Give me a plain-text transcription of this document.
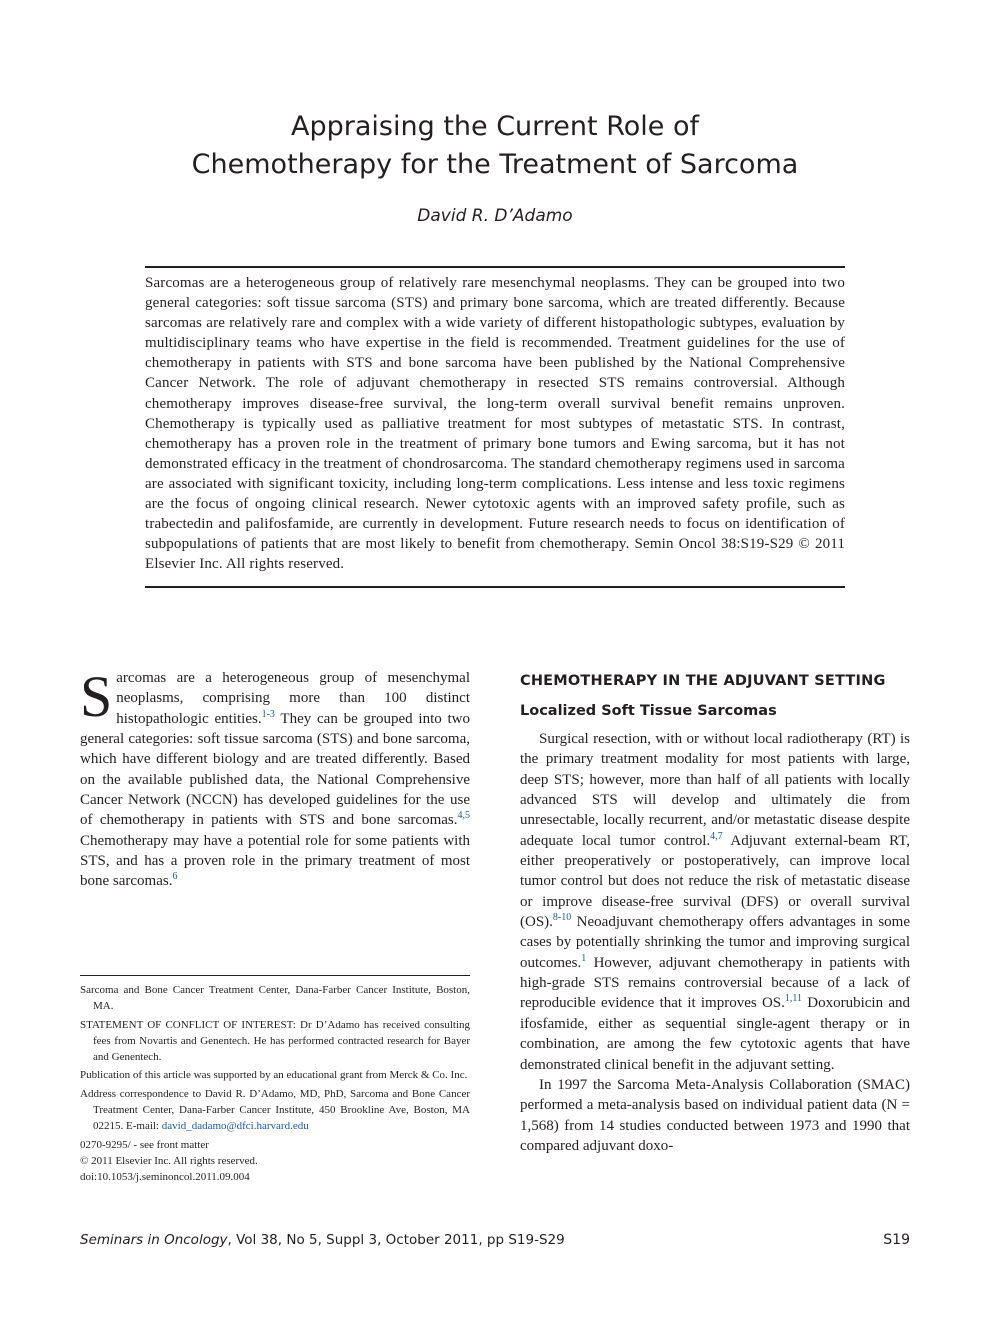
Appraising the Current Role of
Chemotherapy for the Treatment of Sarcoma
David R. D’Adamo

Sarcomas are a heterogeneous group of relatively rare mesenchymal neoplasms. They can be grouped into two general categories: soft tissue sarcoma (STS) and primary bone sarcoma, which are treated differently. Because sarcomas are relatively rare and complex with a wide variety of different histopathologic subtypes, evaluation by multidisciplinary teams who have expertise in the field is recommended. Treatment guidelines for the use of chemotherapy in patients with STS and bone sarcoma have been published by the National Comprehensive Cancer Network. The role of adjuvant chemotherapy in resected STS remains controversial. Although chemotherapy improves disease-free survival, the long-term overall survival benefit remains unproven. Chemotherapy is typically used as palliative treatment for most subtypes of metastatic STS. In contrast, chemotherapy has a proven role in the treatment of primary bone tumors and Ewing sarcoma, but it has not demonstrated efficacy in the treatment of chondrosarcoma. The standard chemotherapy regimens used in sarcoma are associated with significant toxicity, including long-term complications. Less intense and less toxic regimens are the focus of ongoing clinical research. Newer cytotoxic agents with an improved safety profile, such as trabectedin and palifosfamide, are currently in development. Future research needs to focus on identification of subpopulations of patients that are most likely to benefit from chemotherapy. Semin Oncol 38:S19-S29 © 2011 Elsevier Inc. All rights reserved.

Sarcomas are a heterogeneous group of mesenchymal neoplasms, comprising more than 100 distinct histopathologic entities.$^{1-3}$ They can be grouped into two general categories: soft tissue sarcoma (STS) and bone sarcoma, which have different biology and are treated differently. Based on the available published data, the National Comprehensive Cancer Network (NCCN) has developed guidelines for the use of chemotherapy in patients with STS and bone sarcomas.$^{4,5}$ Chemotherapy may have a potential role for some patients with STS, and has a proven role in the primary treatment of most bone sarcomas.$^6$

Sarcoma and Bone Cancer Treatment Center, Dana-Farber Cancer Institute, Boston, MA.

STATEMENT OF CONFLICT OF INTEREST: Dr D’Adamo has received consulting fees from Novartis and Genentech. He has performed contracted research for Bayer and Genentech.

Publication of this article was supported by an educational grant from Merck & Co. Inc.

Address correspondence to David R. D’Adamo, MD, PhD, Sarcoma and Bone Cancer Treatment Center, Dana-Farber Cancer Institute, 450 Brookline Ave, Boston, MA 02215. E-mail: david_dadamo@dfci.harvard.edu

0270-9295/ - see front matter

© 2011 Elsevier Inc. All rights reserved.

doi:10.1053/j.seminoncol.2011.09.004

CHEMOTHERAPY IN THE ADJUVANT SETTING
Localized Soft Tissue Sarcomas

Surgical resection, with or without local radiotherapy (RT) is the primary treatment modality for most patients with large, deep STS; however, more than half of all patients with locally advanced STS will develop and ultimately die from unresectable, locally recurrent, and/or metastatic disease despite adequate local tumor control.$^{4,7}$ Adjuvant external-beam RT, either preoperatively or postoperatively, can improve local tumor control but does not reduce the risk of metastatic disease or improve disease-free survival (DFS) or overall survival (OS).$^{8-10}$ Neoadjuvant chemotherapy offers advantages in some cases by potentially shrinking the tumor and improving surgical outcomes.$^1$ However, adjuvant chemotherapy in patients with high-grade STS remains controversial because of a lack of reproducible evidence that it improves OS.$^{1,11}$ Doxorubicin and ifosfamide, either as sequential single-agent therapy or in combination, are among the few cytotoxic agents that have demonstrated clinical benefit in the adjuvant setting.

In 1997 the Sarcoma Meta-Analysis Collaboration (SMAC) performed a meta-analysis based on individual patient data (N = 1,568) from 14 studies conducted between 1973 and 1990 that compared adjuvant doxo-

Seminars in Oncology, Vol 38, No 5, Suppl 3, October 2011, pp S19-S29	S19
